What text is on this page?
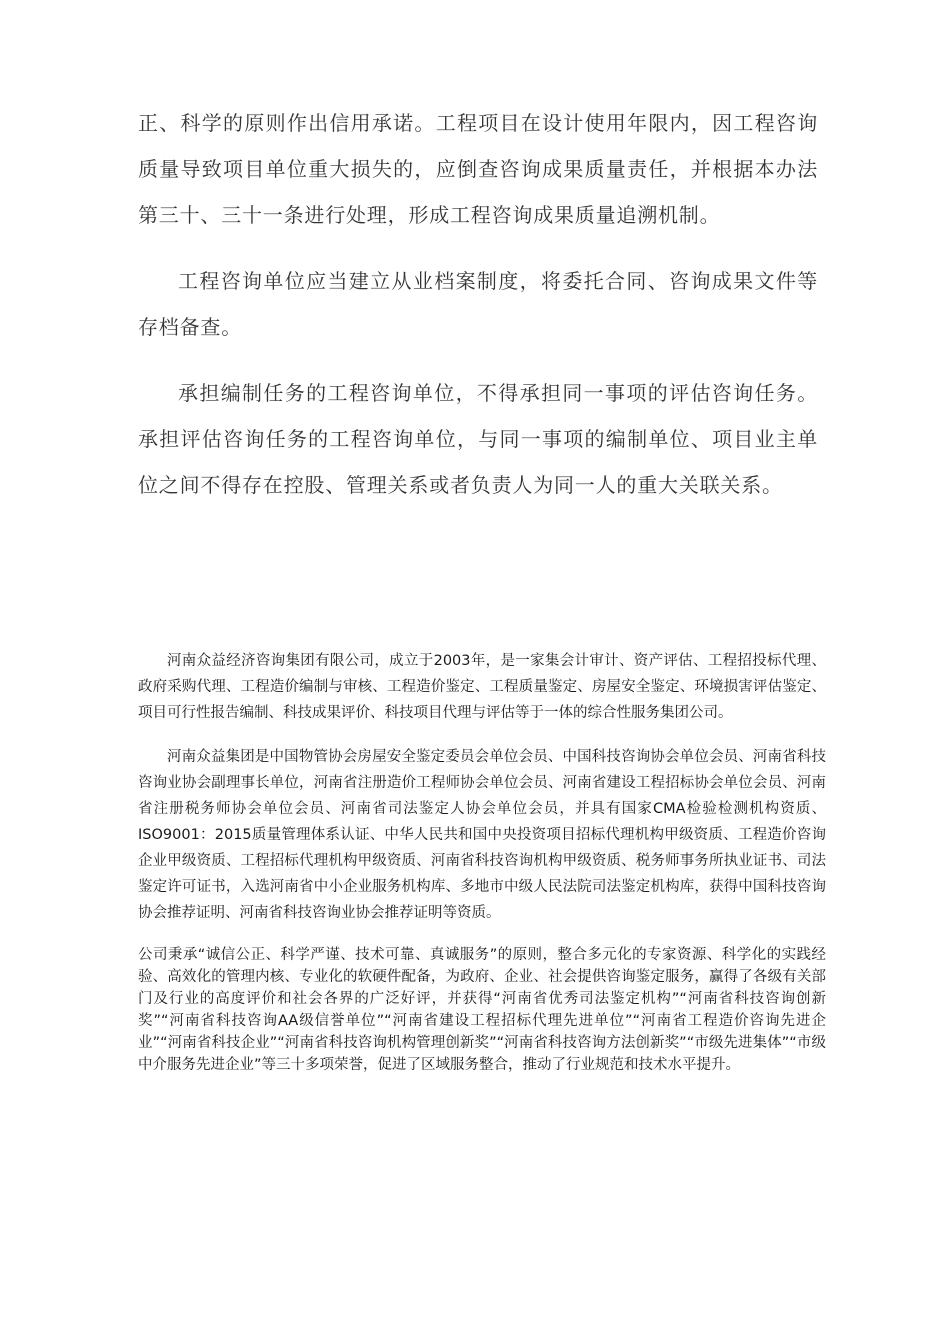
正、科学的原则作出信用承诺。工程项目在设计使用年限内，因工程咨询质量导致项目单位重大损失的，应倒查咨询成果质量责任，并根据本办法第三十、三十一条进行处理，形成工程咨询成果质量追溯机制。

工程咨询单位应当建立从业档案制度，将委托合同、咨询成果文件等存档备查。

承担编制任务的工程咨询单位，不得承担同一事项的评估咨询任务。承担评估咨询任务的工程咨询单位，与同一事项的编制单位、项目业主单位之间不得存在控股、管理关系或者负责人为同一人的重大关联关系。

河南众益经济咨询集团有限公司，成立于2003年，是一家集会计审计、资产评估、工程招投标代理、政府采购代理、工程造价编制与审核、工程造价鉴定、工程质量鉴定、房屋安全鉴定、环境损害评估鉴定、项目可行性报告编制、科技成果评价、科技项目代理与评估等于一体的综合性服务集团公司。

河南众益集团是中国物管协会房屋安全鉴定委员会单位会员、中国科技咨询协会单位会员、河南省科技咨询业协会副理事长单位，河南省注册造价工程师协会单位会员、河南省建设工程招标协会单位会员、河南省注册税务师协会单位会员、河南省司法鉴定人协会单位会员，并具有国家CMA检验检测机构资质、ISO9001：2015质量管理体系认证、中华人民共和国中央投资项目招标代理机构甲级资质、工程造价咨询企业甲级资质、工程招标代理机构甲级资质、河南省科技咨询机构甲级资质、税务师事务所执业证书、司法鉴定许可证书，入选河南省中小企业服务机构库、多地市中级人民法院司法鉴定机构库，获得中国科技咨询协会推荐证明、河南省科技咨询业协会推荐证明等资质。

公司秉承“诚信公正、科学严谨、技术可靠、真诚服务”的原则，整合多元化的专家资源、科学化的实践经验、高效化的管理内核、专业化的软硬件配备，为政府、企业、社会提供咨询鉴定服务，赢得了各级有关部门及行业的高度评价和社会各界的广泛好评，并获得“河南省优秀司法鉴定机构”“河南省科技咨询创新奖”“河南省科技咨询AA级信誉单位”“河南省建设工程招标代理先进单位”“河南省工程造价咨询先进企业”“河南省科技企业”“河南省科技咨询机构管理创新奖”“河南省科技咨询方法创新奖”“市级先进集体”“市级中介服务先进企业”等三十多项荣誉，促进了区域服务整合，推动了行业规范和技术水平提升。
